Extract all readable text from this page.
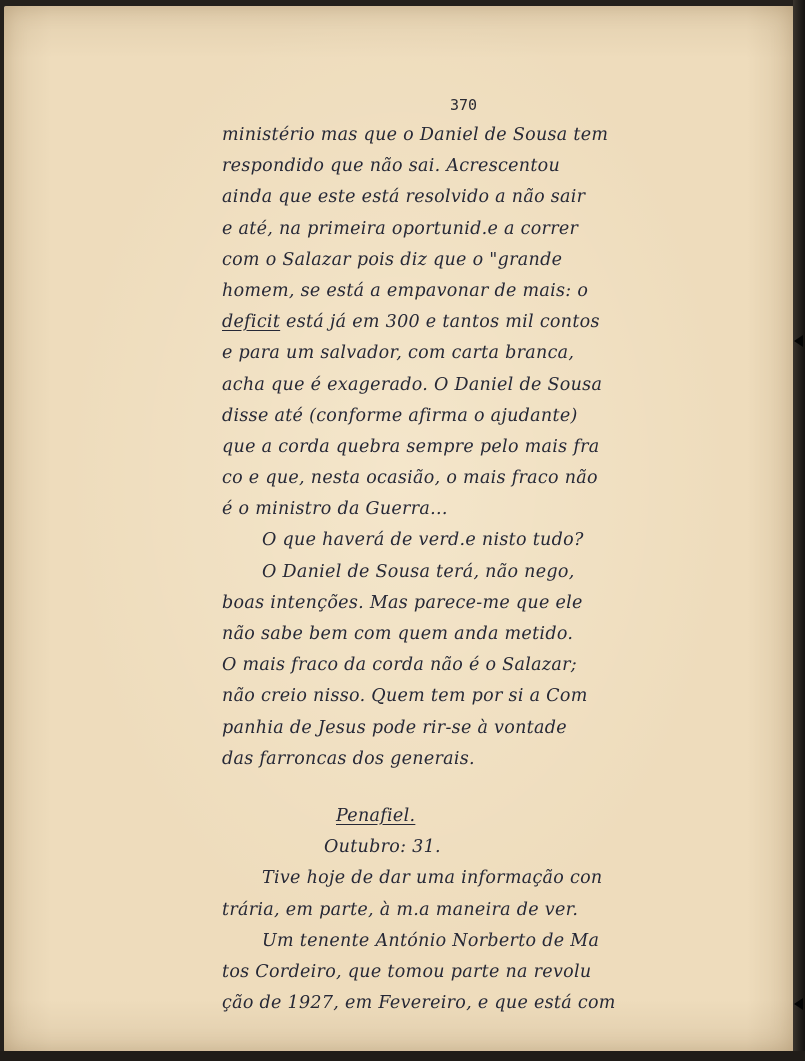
370
ministério mas que o Daniel de Sousa tem
respondido que não sai. Acrescentou
ainda que este está resolvido a não sair
e até, na primeira oportunid.e a correr
com o Salazar pois diz que o "grande
homem, se está a empavonar de mais: o
deficit está já em 300 e tantos mil contos
e para um salvador, com carta branca,
acha que é exagerado. O Daniel de Sousa
disse até (conforme afirma o ajudante)
que a corda quebra sempre pelo mais fra
co e que, nesta ocasião, o mais fraco não
é o ministro da Guerra...
O que haverá de verd.e nisto tudo?
O Daniel de Sousa terá, não nego,
boas intenções. Mas parece-me que ele
não sabe bem com quem anda metido.
O mais fraco da corda não é o Salazar;
não creio nisso. Quem tem por si a Com
panhia de Jesus pode rir-se à vontade
das farroncas dos generais.
Penafiel.
Outubro: 31.
Tive hoje de dar uma informação con
trária, em parte, à m.a maneira de ver.
Um tenente António Norberto de Ma
tos Cordeiro, que tomou parte na revolu
ção de 1927, em Fevereiro, e que está com
